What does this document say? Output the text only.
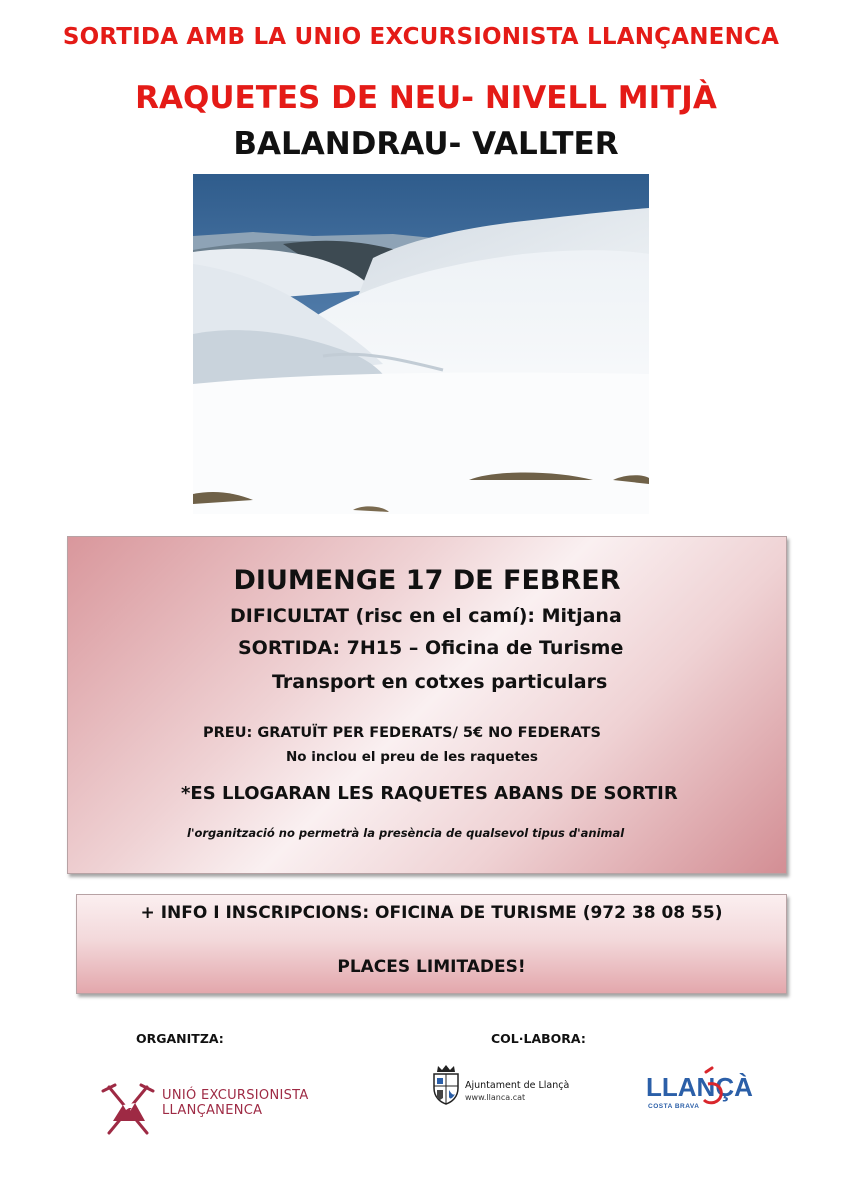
SORTIDA AMB LA UNIO EXCURSIONISTA LLANÇANENCA
RAQUETES DE NEU- NIVELL MITJÀ
BALANDRAU- VALLTER
DIUMENGE 17 DE FEBRER
DIFICULTAT (risc en el camí): Mitjana
SORTIDA: 7H15 – Oficina de Turisme
Transport en cotxes particulars
PREU: GRATUÏT PER FEDERATS/ 5€ NO FEDERATS
No inclou el preu de les raquetes
*ES LLOGARAN LES RAQUETES ABANS DE SORTIR
l'organització no permetrà la presència de qualsevol tipus d'animal
+ INFO I INSCRIPCIONS: OFICINA DE TURISME (972 38 08 55)
PLACES LIMITADES!
ORGANITZA:	COL·LABORA:
UNIÓ EXCURSIONISTA
LLANÇANENCA
Ajuntament de Llançà
www.llanca.cat	LLANÇÀ
COSTA BRAVA
